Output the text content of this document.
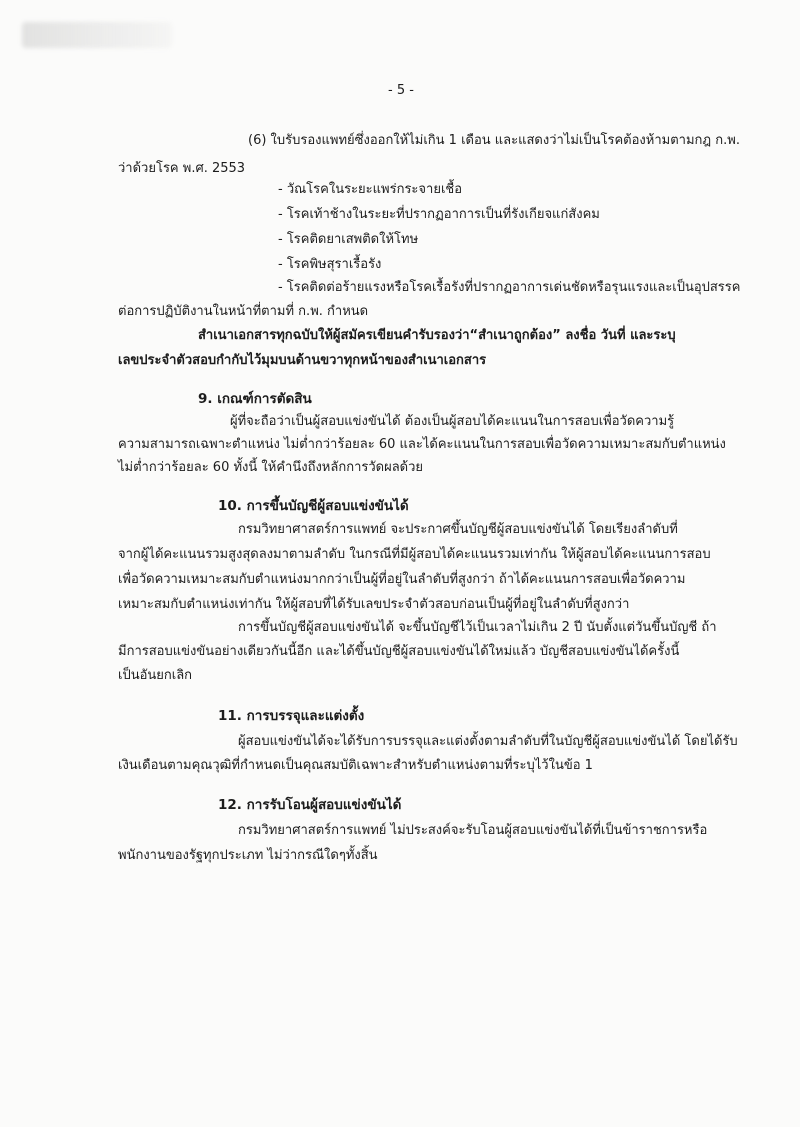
- 5 -
(6) ใบรับรองแพทย์ซึ่งออกให้ไม่เกิน 1 เดือน และแสดงว่าไม่เป็นโรคต้องห้ามตามกฎ ก.พ.
ว่าด้วยโรค พ.ศ. 2553
- วัณโรคในระยะแพร่กระจายเชื้อ
- โรคเท้าช้างในระยะที่ปรากฏอาการเป็นที่รังเกียจแก่สังคม
- โรคติดยาเสพติดให้โทษ
- โรคพิษสุราเรื้อรัง
- โรคติดต่อร้ายแรงหรือโรคเรื้อรังที่ปรากฏอาการเด่นชัดหรือรุนแรงและเป็นอุปสรรค
ต่อการปฏิบัติงานในหน้าที่ตามที่ ก.พ. กำหนด
สำเนาเอกสารทุกฉบับให้ผู้สมัครเขียนคำรับรองว่า“สำเนาถูกต้อง” ลงชื่อ วันที่ และระบุ
เลขประจำตัวสอบกำกับไว้มุมบนด้านขวาทุกหน้าของสำเนาเอกสาร
9. เกณฑ์การตัดสิน
ผู้ที่จะถือว่าเป็นผู้สอบแข่งขันได้ ต้องเป็นผู้สอบได้คะแนนในการสอบเพื่อวัดความรู้
ความสามารถเฉพาะตำแหน่ง ไม่ต่ำกว่าร้อยละ 60 และได้คะแนนในการสอบเพื่อวัดความเหมาะสมกับตำแหน่ง
ไม่ต่ำกว่าร้อยละ 60 ทั้งนี้ ให้คำนึงถึงหลักการวัดผลด้วย
10. การขึ้นบัญชีผู้สอบแข่งขันได้
กรมวิทยาศาสตร์การแพทย์ จะประกาศขึ้นบัญชีผู้สอบแข่งขันได้ โดยเรียงลำดับที่
จากผู้ได้คะแนนรวมสูงสุดลงมาตามลำดับ ในกรณีที่มีผู้สอบได้คะแนนรวมเท่ากัน ให้ผู้สอบได้คะแนนการสอบ
เพื่อวัดความเหมาะสมกับตำแหน่งมากกว่าเป็นผู้ที่อยู่ในลำดับที่สูงกว่า ถ้าได้คะแนนการสอบเพื่อวัดความ
เหมาะสมกับตำแหน่งเท่ากัน ให้ผู้สอบที่ได้รับเลขประจำตัวสอบก่อนเป็นผู้ที่อยู่ในลำดับที่สูงกว่า
การขึ้นบัญชีผู้สอบแข่งขันได้ จะขึ้นบัญชีไว้เป็นเวลาไม่เกิน 2 ปี นับตั้งแต่วันขึ้นบัญชี ถ้า
มีการสอบแข่งขันอย่างเดียวกันนี้อีก และได้ขึ้นบัญชีผู้สอบแข่งขันได้ใหม่แล้ว บัญชีสอบแข่งขันได้ครั้งนี้
เป็นอันยกเลิก
11. การบรรจุและแต่งตั้ง
ผู้สอบแข่งขันได้จะได้รับการบรรจุและแต่งตั้งตามลำดับที่ในบัญชีผู้สอบแข่งขันได้ โดยได้รับ
เงินเดือนตามคุณวุฒิที่กำหนดเป็นคุณสมบัติเฉพาะสำหรับตำแหน่งตามที่ระบุไว้ในข้อ 1
12. การรับโอนผู้สอบแข่งขันได้
กรมวิทยาศาสตร์การแพทย์ ไม่ประสงค์จะรับโอนผู้สอบแข่งขันได้ที่เป็นข้าราชการหรือ
พนักงานของรัฐทุกประเภท ไม่ว่ากรณีใดๆทั้งสิ้น
